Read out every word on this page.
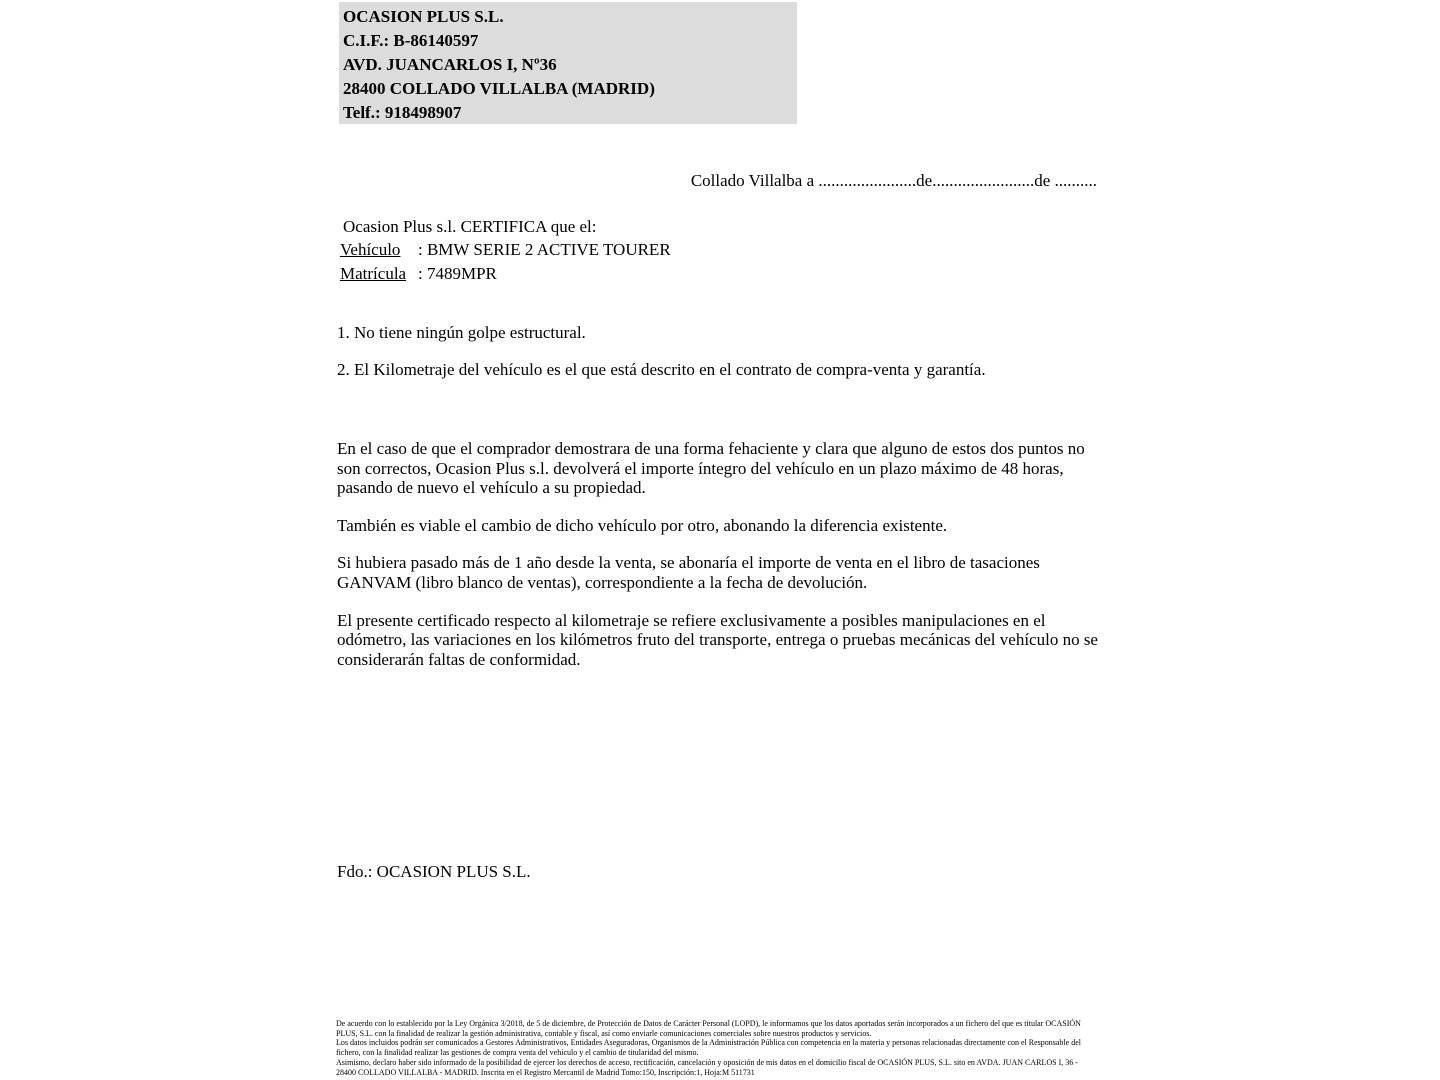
OCASION PLUS S.L.
C.I.F.: B-86140597
AVD. JUANCARLOS I, Nº36
28400 COLLADO VILLALBA (MADRID)
Telf.: 918498907
Collado Villalba a .......................de........................de ..........
Ocasion Plus s.l. CERTIFICA que el:
Vehículo : BMW SERIE 2 ACTIVE TOURER
Matrícula : 7489MPR
1. No tiene ningún golpe estructural.
2. El Kilometraje del vehículo es el que está descrito en el contrato de compra-venta y garantía.
En el caso de que el comprador demostrara de una forma fehaciente y clara que alguno de estos dos puntos no son correctos, Ocasion Plus s.l. devolverá el importe íntegro del vehículo en un plazo máximo de 48 horas, pasando de nuevo el vehículo a su propiedad.
También es viable el cambio de dicho vehículo por otro, abonando la diferencia existente.
Si hubiera pasado más de 1 año desde la venta, se abonaría el importe de venta en el libro de tasaciones GANVAM (libro blanco de ventas), correspondiente a la fecha de devolución.
El presente certificado respecto al kilometraje se refiere exclusivamente a posibles manipulaciones en el odómetro, las variaciones en los kilómetros fruto del transporte, entrega o pruebas mecánicas del vehículo no se considerarán faltas de conformidad.
Fdo.: OCASION PLUS S.L.
De acuerdo con lo establecido por la Ley Orgánica 3/2018, de 5 de diciembre, de Protección de Datos de Carácter Personal (LOPD), le informamos que los datos aportados serán incorporados a un fichero del que es titular OCASIÓN PLUS, S.L. con la finalidad de realizar la gestión administrativa, contable y fiscal, así como enviarle comunicaciones comerciales sobre nuestros productos y servicios.
Los datos incluidos podrán ser comunicados a Gestores Administrativos, Entidades Aseguradoras, Organismos de la Administración Pública con competencia en la materia y personas relacionadas directamente con el Responsable del fichero, con la finalidad realizar las gestiones de compra venta del vehículo y el cambio de titularidad del mismo.
Asimismo, declaro haber sido informado de la posibilidad de ejercer los derechos de acceso, rectificación, cancelación y oposición de mis datos en el domicilio fiscal de OCASIÓN PLUS, S.L. sito en AVDA. JUAN CARLOS I, 36 - 28400 COLLADO VILLALBA - MADRID. Inscrita en el Registro Mercantil de Madrid Tomo:150, Inscripción:1, Hoja:M 511731
